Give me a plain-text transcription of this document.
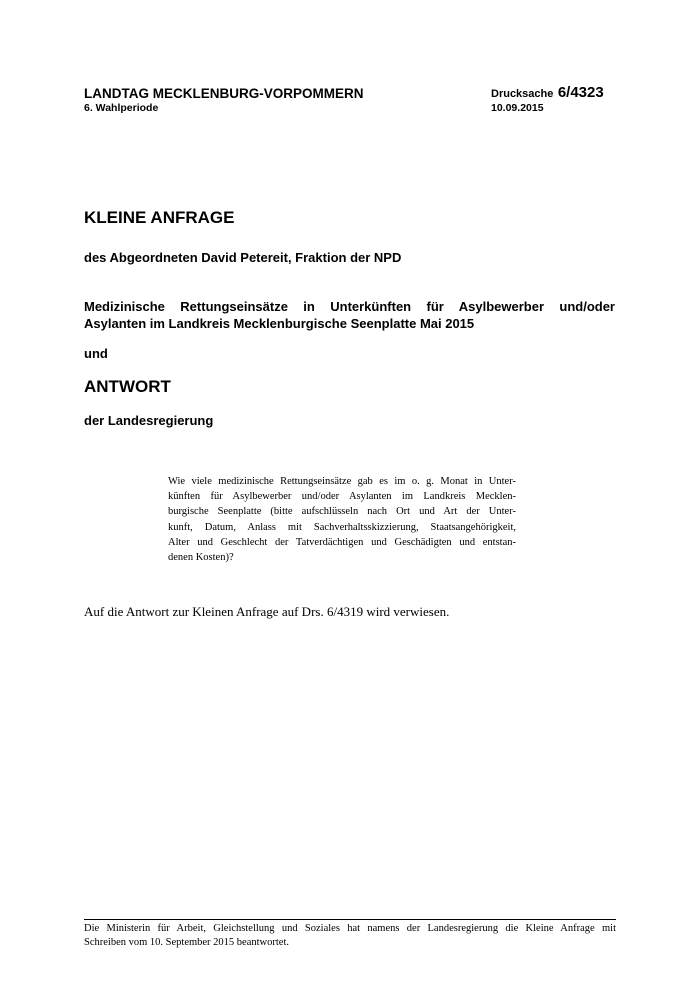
LANDTAG MECKLENBURG-VORPOMMERN
6. Wahlperiode
Drucksache 6/4323
10.09.2015
KLEINE ANFRAGE
des Abgeordneten David Petereit, Fraktion der NPD
Medizinische Rettungseinsätze in Unterkünften für Asylbewerber und/oder
Asylanten im Landkreis Mecklenburgische Seenplatte Mai 2015
und
ANTWORT
der Landesregierung
Wie viele medizinische Rettungseinsätze gab es im o. g. Monat in Unter-
künften für Asylbewerber und/oder Asylanten im Landkreis Mecklen-
burgische Seenplatte (bitte aufschlüsseln nach Ort und Art der Unter-
kunft, Datum, Anlass mit Sachverhaltsskizzierung, Staatsangehörigkeit,
Alter und Geschlecht der Tatverdächtigen und Geschädigten und entstan-
denen Kosten)?
Auf die Antwort zur Kleinen Anfrage auf Drs. 6/4319 wird verwiesen.
Die Ministerin für Arbeit, Gleichstellung und Soziales hat namens der Landesregierung die Kleine Anfrage mit
Schreiben vom 10. September 2015 beantwortet.
